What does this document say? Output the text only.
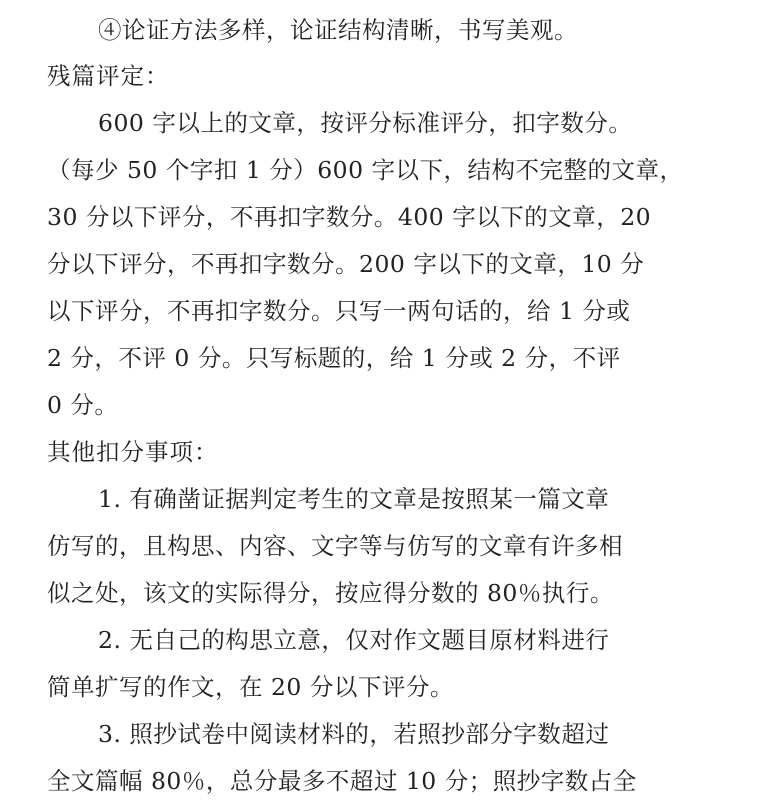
④论证方法多样，论证结构清晰，书写美观。
残篇评定：
600 字以上的文章，按评分标准评分，扣字数分。
（每少 50 个字扣 1 分）600 字以下，结构不完整的文章，
30 分以下评分，不再扣字数分。400 字以下的文章，20
分以下评分，不再扣字数分。200 字以下的文章，10 分
以下评分，不再扣字数分。只写一两句话的，给 1 分或
2 分，不评 0 分。只写标题的，给 1 分或 2 分，不评
0 分。
其他扣分事项：
1. 有确凿证据判定考生的文章是按照某一篇文章
仿写的，且构思、内容、文字等与仿写的文章有许多相
似之处，该文的实际得分，按应得分数的 80％执行。
2. 无自己的构思立意，仅对作文题目原材料进行
简单扩写的作文，在 20 分以下评分。
3. 照抄试卷中阅读材料的，若照抄部分字数超过
全文篇幅 80％，总分最多不超过 10 分；照抄字数占全
